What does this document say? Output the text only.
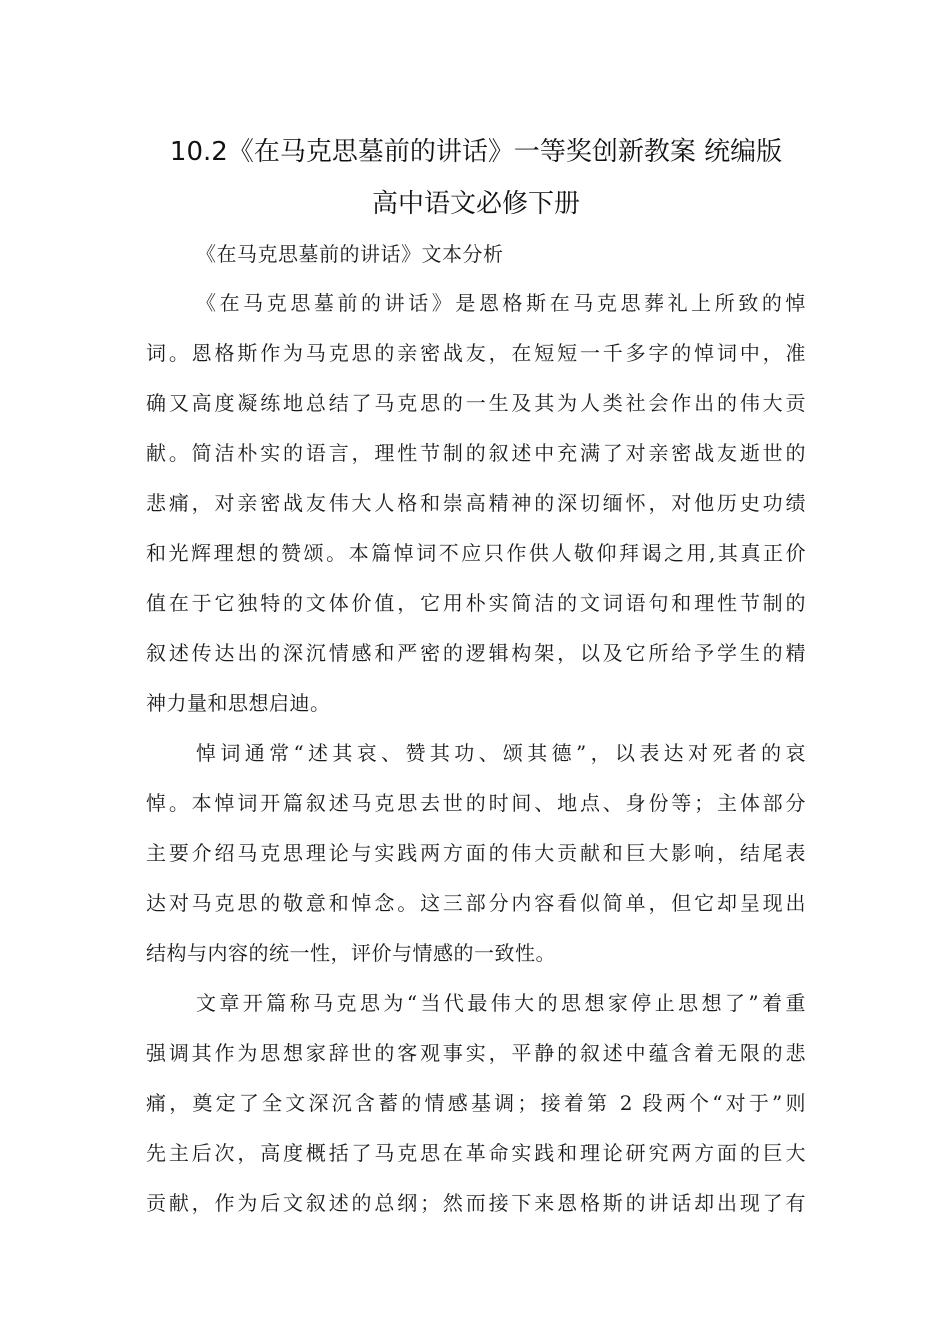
10.2《在马克思墓前的讲话》一等奖创新教案 统编版
高中语文必修下册
《在马克思墓前的讲话》文本分析
《在马克思墓前的讲话》是恩格斯在马克思葬礼上所致的悼
词。恩格斯作为马克思的亲密战友，在短短一千多字的悼词中，准
确又高度凝练地总结了马克思的一生及其为人类社会作出的伟大贡
献。简洁朴实的语言，理性节制的叙述中充满了对亲密战友逝世的
悲痛，对亲密战友伟大人格和崇高精神的深切缅怀，对他历史功绩
和光辉理想的赞颂。本篇悼词不应只作供人敬仰拜谒之用,其真正价
值在于它独特的文体价值，它用朴实简洁的文词语句和理性节制的
叙述传达出的深沉情感和严密的逻辑构架，以及它所给予学生的精
神力量和思想启迪。
悼词通常“述其哀、赞其功、颂其德”，以表达对死者的哀
悼。本悼词开篇叙述马克思去世的时间、地点、身份等；主体部分
主要介绍马克思理论与实践两方面的伟大贡献和巨大影响，结尾表
达对马克思的敬意和悼念。这三部分内容看似简单，但它却呈现出
结构与内容的统一性，评价与情感的一致性。
文章开篇称马克思为“当代最伟大的思想家停止思想了”着重
强调其作为思想家辞世的客观事实，平静的叙述中蕴含着无限的悲
痛，奠定了全文深沉含蓄的情感基调；接着第 2 段两个“对于”则
先主后次，高度概括了马克思在革命实践和理论研究两方面的巨大
贡献，作为后文叙述的总纲；然而接下来恩格斯的讲话却出现了有
